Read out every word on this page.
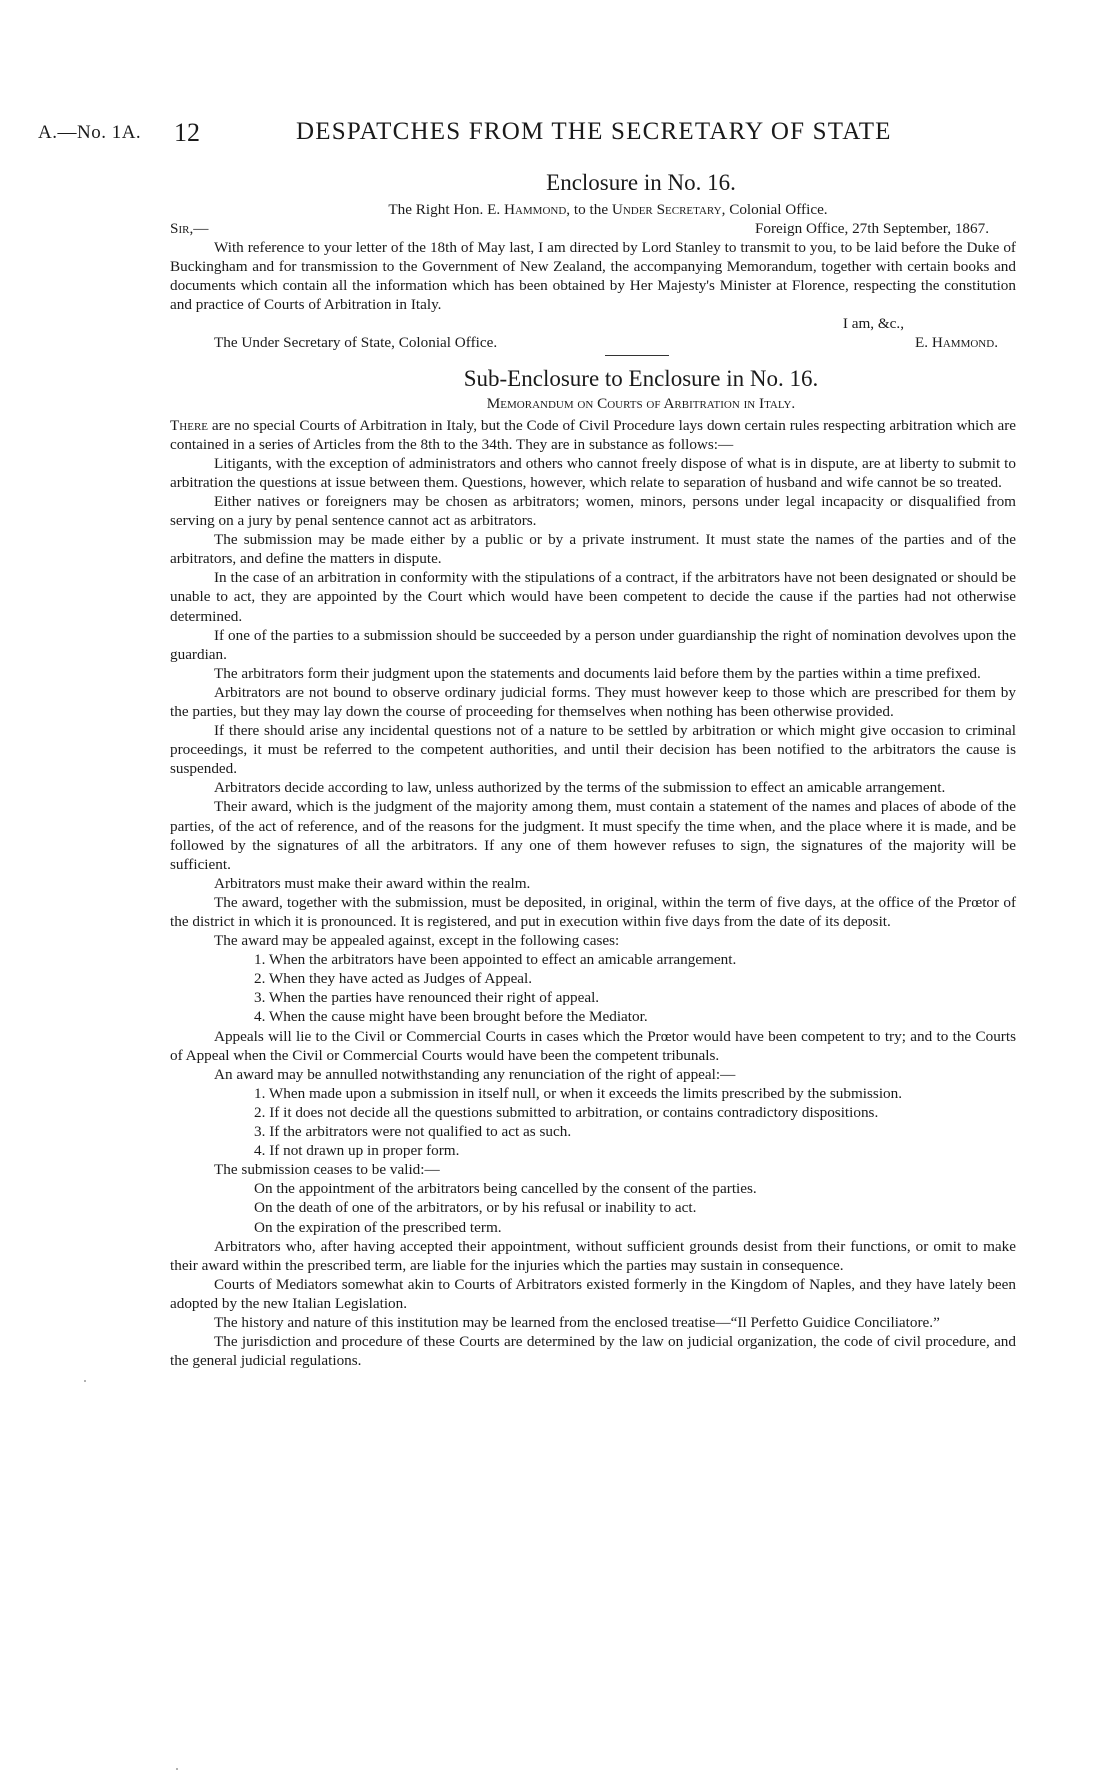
A.—No. 1A. 12	DESPATCHES FROM THE SECRETARY OF STATE
Enclosure in No. 16.
The Right Hon. E. Hammond, to the Under Secretary, Colonial Office.
Sir,—	Foreign Office, 27th September, 1867.

With reference to your letter of the 18th of May last, I am directed by Lord Stanley to transmit to you, to be laid before the Duke of Buckingham and for transmission to the Government of New Zealand, the accompanying Memorandum, together with certain books and documents which contain all the information which has been obtained by Her Majesty's Minister at Florence, respecting the constitution and practice of Courts of Arbitration in Italy.

I am, &c.,
The Under Secretary of State, Colonial Office.	E. Hammond.
Sub-Enclosure to Enclosure in No. 16.
Memorandum on Courts of Arbitration in Italy.

There are no special Courts of Arbitration in Italy, but the Code of Civil Procedure lays down certain rules respecting arbitration which are contained in a series of Articles from the 8th to the 34th. They are in substance as follows:—

Litigants, with the exception of administrators and others who cannot freely dispose of what is in dispute, are at liberty to submit to arbitration the questions at issue between them. Questions, however, which relate to separation of husband and wife cannot be so treated.

Either natives or foreigners may be chosen as arbitrators; women, minors, persons under legal incapacity or disqualified from serving on a jury by penal sentence cannot act as arbitrators.

The submission may be made either by a public or by a private instrument. It must state the names of the parties and of the arbitrators, and define the matters in dispute.

In the case of an arbitration in conformity with the stipulations of a contract, if the arbitrators have not been designated or should be unable to act, they are appointed by the Court which would have been competent to decide the cause if the parties had not otherwise determined.

If one of the parties to a submission should be succeeded by a person under guardianship the right of nomination devolves upon the guardian.

The arbitrators form their judgment upon the statements and documents laid before them by the parties within a time prefixed.

Arbitrators are not bound to observe ordinary judicial forms. They must however keep to those which are prescribed for them by the parties, but they may lay down the course of proceeding for themselves when nothing has been otherwise provided.

If there should arise any incidental questions not of a nature to be settled by arbitration or which might give occasion to criminal proceedings, it must be referred to the competent authorities, and until their decision has been notified to the arbitrators the cause is suspended.

Arbitrators decide according to law, unless authorized by the terms of the submission to effect an amicable arrangement.

Their award, which is the judgment of the majority among them, must contain a statement of the names and places of abode of the parties, of the act of reference, and of the reasons for the judgment. It must specify the time when, and the place where it is made, and be followed by the signatures of all the arbitrators. If any one of them however refuses to sign, the signatures of the majority will be sufficient.

Arbitrators must make their award within the realm.

The award, together with the submission, must be deposited, in original, within the term of five days, at the office of the Prœtor of the district in which it is pronounced. It is registered, and put in execution within five days from the date of its deposit.

The award may be appealed against, except in the following cases:

1. When the arbitrators have been appointed to effect an amicable arrangement.
2. When they have acted as Judges of Appeal.
3. When the parties have renounced their right of appeal.
4. When the cause might have been brought before the Mediator.

Appeals will lie to the Civil or Commercial Courts in cases which the Prœtor would have been competent to try; and to the Courts of Appeal when the Civil or Commercial Courts would have been the competent tribunals.

An award may be annulled notwithstanding any renunciation of the right of appeal:—

1. When made upon a submission in itself null, or when it exceeds the limits prescribed by the submission.
2. If it does not decide all the questions submitted to arbitration, or contains contradictory dispositions.
3. If the arbitrators were not qualified to act as such.
4. If not drawn up in proper form.

The submission ceases to be valid:—

On the appointment of the arbitrators being cancelled by the consent of the parties.
On the death of one of the arbitrators, or by his refusal or inability to act.
On the expiration of the prescribed term.

Arbitrators who, after having accepted their appointment, without sufficient grounds desist from their functions, or omit to make their award within the prescribed term, are liable for the injuries which the parties may sustain in consequence.

Courts of Mediators somewhat akin to Courts of Arbitrators existed formerly in the Kingdom of Naples, and they have lately been adopted by the new Italian Legislation.

The history and nature of this institution may be learned from the enclosed treatise—“Il Perfetto Guidice Conciliatore.”

The jurisdiction and procedure of these Courts are determined by the law on judicial organization, the code of civil procedure, and the general judicial regulations.
